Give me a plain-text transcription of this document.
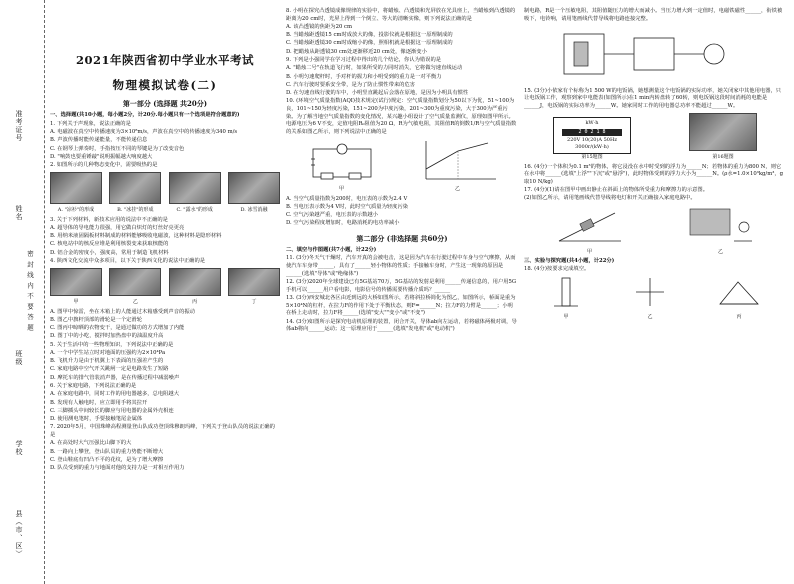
准考证号
姓名
密 封 线 内 不 要 答 题
班级
学校
县（市、区）
2021年陕西省初中学业水平考试
物理模拟试卷(二)
第一部分 (选择题 共20分)

一、选择题(共10小题，每小题2分，计20分.每小题只有一个选项是符合题意的)

1. 下列关于声现象，说法正确的是

A. 电磁波在真空中传播速度为3×10⁸m/s，声波在真空中的传播速度为340 m/s

B. 声波传播时能传递能量，不能传递信息

C. 在钢琴上弹奏时，手指按压不同的琴键是为了改变音色

D. "响鼓也要重锤敲"说明振幅越大响度越大

2. 如图所示的几种物态变化中，需要吸热的是

A. "凉衫"的形成	B. "冰挂"的形成	C. "露水"的形成	D. 冰雪消融

3. 关于下列材料，新技术应用的说法中不正确的是

A. 超导体的导电能力很强，用它做白炽灯的灯丝好亮更亮

B. 用纳米液固隔板材料制成的材料能够吸收电磁波，这种材料是隐形材料

C. 核电站中的核反应堆是利用核裂变来获取核能的

D. 铝合金的密度小，强度高，常用于制造飞机材料

4. 陕西文化交流中众多项目，以下关于陕西文化的说法中正确的是

甲	乙	丙	丁

A. 图甲中惊雷，坐在木箱上的人能通过木箱感受到声音的振动

B. 图乙中旗杆顶部的滑轮是一个定滑轮

C. 图丙中晾晒的衣物变干，是通过做功的方式增加了内能

D. 图丁中的小吃，搅拌时加热盘中的油温度升高

5. 关于生活中的一些物理知识，下列说法中正确的是

A. 一个中学生站立时对地面的压强约为2×10⁴Pa

B. 飞机升力是由于机翼上下表面的压强差产生的

C. 家庭电路中空气开关跳闸一定是电路发生了短路

D. 摩托车的排气管装消声器，是在传播过程中减弱噪声

6. 关于家庭电路，下列说法正确的是

A. 在家庭电路中，同时工作的用电器越多，总电阻越大

B. 发现有人触电时，应立即用手将其拉开

C. 三脚插头中间较长的脚应与用电器的金属外壳相连

D. 使用测电笔时，手要接触笔尾金属体

7. 2020年5月，中国珠峰高程测量登山队成功登顶珠穆朗玛峰，下列关于登山队员的说法正确的是

A. 在高处时大气压强比山脚下的大

B. 一路向上攀登，登山队员的重力势能不断增大

C. 登山鞋底有凹凸不平的花纹，是为了增大摩擦

D. 队员受到的重力与地面对他的支持力是一对相互作用力

8. 小明在探究凸透镜成像规律的实验中，将蜡烛、凸透镜和光屏放在光具座上，当蜡烛到凸透镜的距离为20 cm时，光屏上得到一个倒立、等大的清晰实像，则下列说法正确的是

A. 该凸透镜的焦距为20 cm

B. 当蜡烛距透镜15 cm时成放大的像，投影仪就是根据这一原理制成的

C. 当蜡烛距透镜30 cm时成缩小的像，照相机就是根据这一原理制成的

D. 把蜡烛从距透镜30 cm处逐渐移近20 cm处，像逐渐变小

9. 下列是小强同学在学习过程中得出的几个结论，你认为错误的是

A. "蜡烛二号"在轨道飞行时，如果所受的力同时消失，它将做匀速直线运动

B. 小明匀速爬杆时，手对杆的握力和小明受到的重力是一对平衡力

C. 汽车行驶时要系安全带，是为了防止惯性带来的危害

D. 在匀速直线行驶的车中，小明竖直跳起后会落在原地，是因为小明具有惯性

10. (环境空气质量指数(AQI)技术规定(试行)规定：空气质量指数划分为50以下为优，51~100为良，101~150为轻度污染，151~200为中度污染，201~300为重度污染，大于300为严重污染。为了解当地空气质量指数的变化情况，某兴趣小组设计了空气质量监测仪，原理如图甲所示。电源电压为6 V不变，定值电阻R₀阻值为20 Ω，R为气敏电阻，其阻值R的倒数1/R与空气质量指数的关系如图乙所示，则下列说法中正确的是

甲	乙

A. 当空气质量指数为200时，电压表的示数为2.4 V

B. 当电压表示数为4 V时，此时空气质量为轻度污染

C. 空气污染越严重，电压表的示数越小

D. 空气污染程度增加时，电路消耗的电功率减小

第二部分 (非选择题 共60分)

二、填空与作图题(共7小题，计22分)

11. (3分)冬天气干燥时，汽车开真的会被电击，这是因为汽车在行驶过程中车身与空气摩擦，从而使汽车车身带______，具有了______轻小物体的性质；手接触车身时，产生这一现象的原因是______(选填"导体"或"绝缘体")

12. (3分)2020年全球建设已有5G基站70万，5G基站的发射是利用______传递信息的，用户用5G手机可以______用户看电影，电影信号的传播需要传播介质吗？______

13. (3分)西安城北各区由近到远的大桥如图所示，若将斜拉桥简化为图乙，如图所示，桥面是重为5×10⁴N的杠杆，在拉力F的作用下处于平衡状态，则F=______N；拉力F的力臂是______；小明在桥上走动时，拉力F将______(选填"变大""变小"或"不变")

14. (3分)如图所示是探究电动机原理的装置，闭合开关，导体ab向左运动，若将磁体两极对调，导体ab将向______运动；这一原理应用于______(选填"发电机"或"电动机")

制电路，R是一个压敏电阻，其阻值随压力的增大而减小。当压力增大到一定值时，电磁铁磁性______，衔铁被吸下，电铃响，请用笔画线代替导线将电路连接完整。

15. (3分)小依家有个标称为1 500 W的电饭锅，她想测量这个电饭锅的实际功率，她关闭家中其他用电器，只让电饭锅工作，观察到家中电能表(如图所示)在1 min内转盘转了60转，则电饭锅这段时间消耗的电能是______J，电饭锅的实际功率为______W。她家同时工作的用电器总功率不能超过______W。

kW·h
2 0 2 1 8
220V 10(20)A 50Hz
3000r/(kW·h)
第15题图	第16题图

16. (4分)一个体积为0.1 m³的物体，将它浸没在水中时受到的浮力为______N；若物体的重力为800 N，则它在水中将______(选填"上浮""下沉"或"悬浮")，此时物体受到的浮力大小为______N。(ρ水=1.0×10³kg/m³，g取10 N/kg)

17. (4分)(1)请在图甲中画出静止在斜面上的物体所受重力和摩擦力的示意图。

(2)如图乙所示，请用笔画线代替导线将电灯和开关正确接入家庭电路中。

甲	乙

三、实验与探究题(共4小题，计22分)

18. (4分)按要求完成填空。

甲	乙	丙
